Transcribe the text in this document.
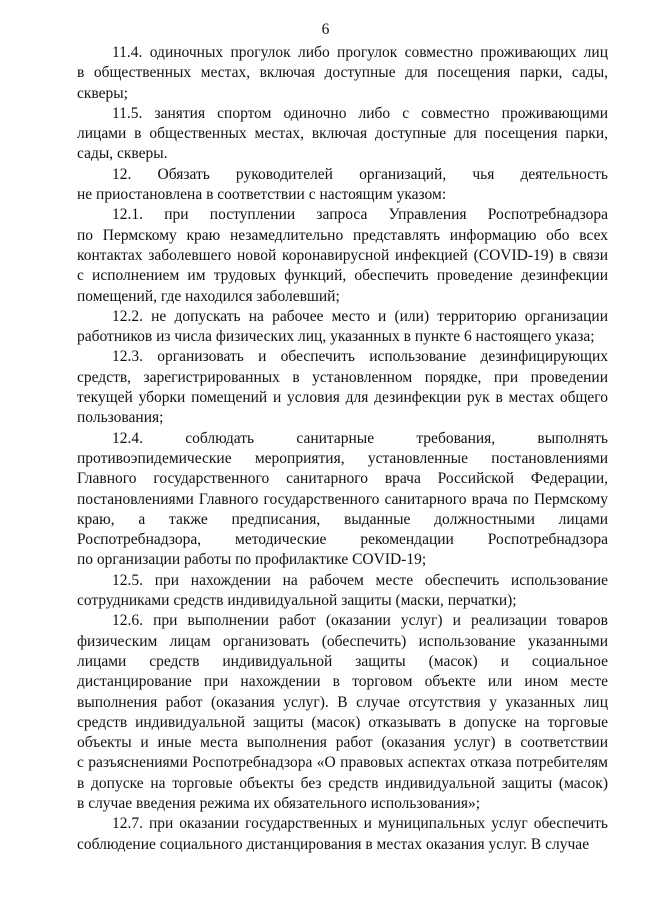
6
11.4. одиночных прогулок либо прогулок совместно проживающих лиц
в общественных местах, включая доступные для посещения парки, сады,
скверы;
11.5. занятия спортом одиночно либо с совместно проживающими
лицами в общественных местах, включая доступные для посещения парки,
сады, скверы.
12. Обязать руководителей организаций, чья деятельность
не приостановлена в соответствии с настоящим указом:
12.1. при поступлении запроса Управления Роспотребнадзора
по Пермскому краю незамедлительно представлять информацию обо всех
контактах заболевшего новой коронавирусной инфекцией (COVID-19) в связи
с исполнением им трудовых функций, обеспечить проведение дезинфекции
помещений, где находился заболевший;
12.2. не допускать на рабочее место и (или) территорию организации
работников из числа физических лиц, указанных в пункте 6 настоящего указа;
12.3. организовать и обеспечить использование дезинфицирующих
средств, зарегистрированных в установленном порядке, при проведении
текущей уборки помещений и условия для дезинфекции рук в местах общего
пользования;
12.4. соблюдать санитарные требования, выполнять
противоэпидемические мероприятия, установленные постановлениями
Главного государственного санитарного врача Российской Федерации,
постановлениями Главного государственного санитарного врача по Пермскому
краю, а также предписания, выданные должностными лицами
Роспотребнадзора, методические рекомендации Роспотребнадзора
по организации работы по профилактике COVID-19;
12.5. при нахождении на рабочем месте обеспечить использование
сотрудниками средств индивидуальной защиты (маски, перчатки);
12.6. при выполнении работ (оказании услуг) и реализации товаров
физическим лицам организовать (обеспечить) использование указанными
лицами средств индивидуальной защиты (масок) и социальное
дистанцирование при нахождении в торговом объекте или ином месте
выполнения работ (оказания услуг). В случае отсутствия у указанных лиц
средств индивидуальной защиты (масок) отказывать в допуске на торговые
объекты и иные места выполнения работ (оказания услуг) в соответствии
с разъяснениями Роспотребнадзора «О правовых аспектах отказа потребителям
в допуске на торговые объекты без средств индивидуальной защиты (масок)
в случае введения режима их обязательного использования»;
12.7. при оказании государственных и муниципальных услуг обеспечить
соблюдение социального дистанцирования в местах оказания услуг. В случае
